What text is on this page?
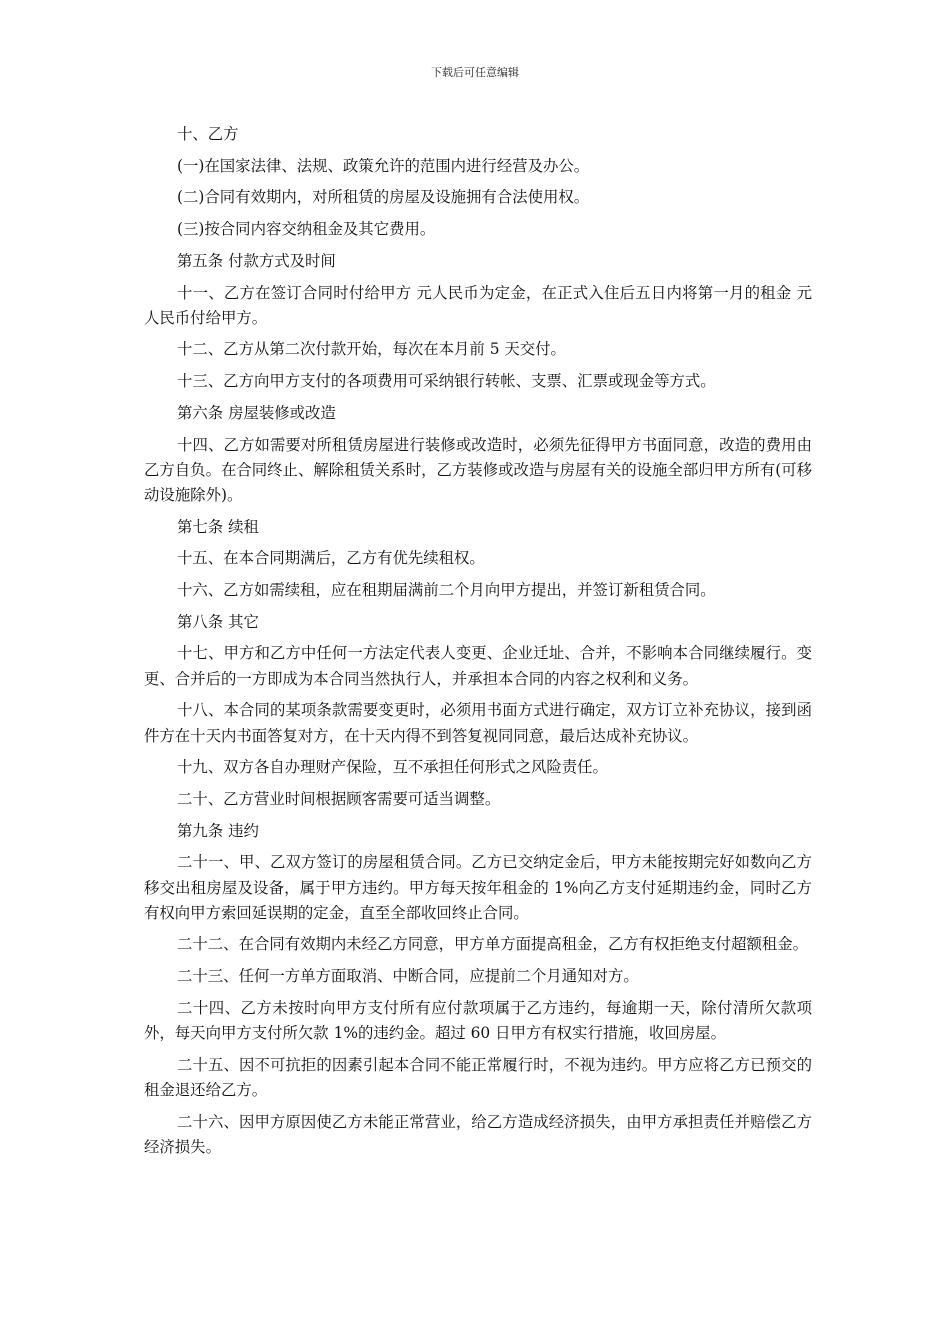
下载后可任意编辑

十、乙方

(一)在国家法律、法规、政策允许的范围内进行经营及办公。

(二)合同有效期内，对所租赁的房屋及设施拥有合法使用权。

(三)按合同内容交纳租金及其它费用。

第五条 付款方式及时间

十一、乙方在签订合同时付给甲方 元人民币为定金，在正式入住后五日内将第一月的租金 元人民币付给甲方。

十二、乙方从第二次付款开始，每次在本月前 5 天交付。

十三、乙方向甲方支付的各项费用可采纳银行转帐、支票、汇票或现金等方式。

第六条 房屋装修或改造

十四、乙方如需要对所租赁房屋进行装修或改造时，必须先征得甲方书面同意，改造的费用由乙方自负。在合同终止、解除租赁关系时，乙方装修或改造与房屋有关的设施全部归甲方所有(可移动设施除外)。

第七条 续租

十五、在本合同期满后，乙方有优先续租权。

十六、乙方如需续租，应在租期届满前二个月向甲方提出，并签订新租赁合同。

第八条 其它

十七、甲方和乙方中任何一方法定代表人变更、企业迁址、合并，不影响本合同继续履行。变更、合并后的一方即成为本合同当然执行人，并承担本合同的内容之权利和义务。

十八、本合同的某项条款需要变更时，必须用书面方式进行确定，双方订立补充协议，接到函件方在十天内书面答复对方，在十天内得不到答复视同同意，最后达成补充协议。

十九、双方各自办理财产保险，互不承担任何形式之风险责任。

二十、乙方营业时间根据顾客需要可适当调整。

第九条 违约

二十一、甲、乙双方签订的房屋租赁合同。乙方已交纳定金后，甲方未能按期完好如数向乙方移交出租房屋及设备，属于甲方违约。甲方每天按年租金的 1%向乙方支付延期违约金，同时乙方有权向甲方索回延误期的定金，直至全部收回终止合同。

二十二、在合同有效期内未经乙方同意，甲方单方面提高租金，乙方有权拒绝支付超额租金。

二十三、任何一方单方面取消、中断合同，应提前二个月通知对方。

二十四、乙方未按时向甲方支付所有应付款项属于乙方违约，每逾期一天，除付清所欠款项外，每天向甲方支付所欠款 1%的违约金。超过 60 日甲方有权实行措施，收回房屋。

二十五、因不可抗拒的因素引起本合同不能正常履行时，不视为违约。甲方应将乙方已预交的租金退还给乙方。

二十六、因甲方原因使乙方未能正常营业，给乙方造成经济损失，由甲方承担责任并赔偿乙方经济损失。
